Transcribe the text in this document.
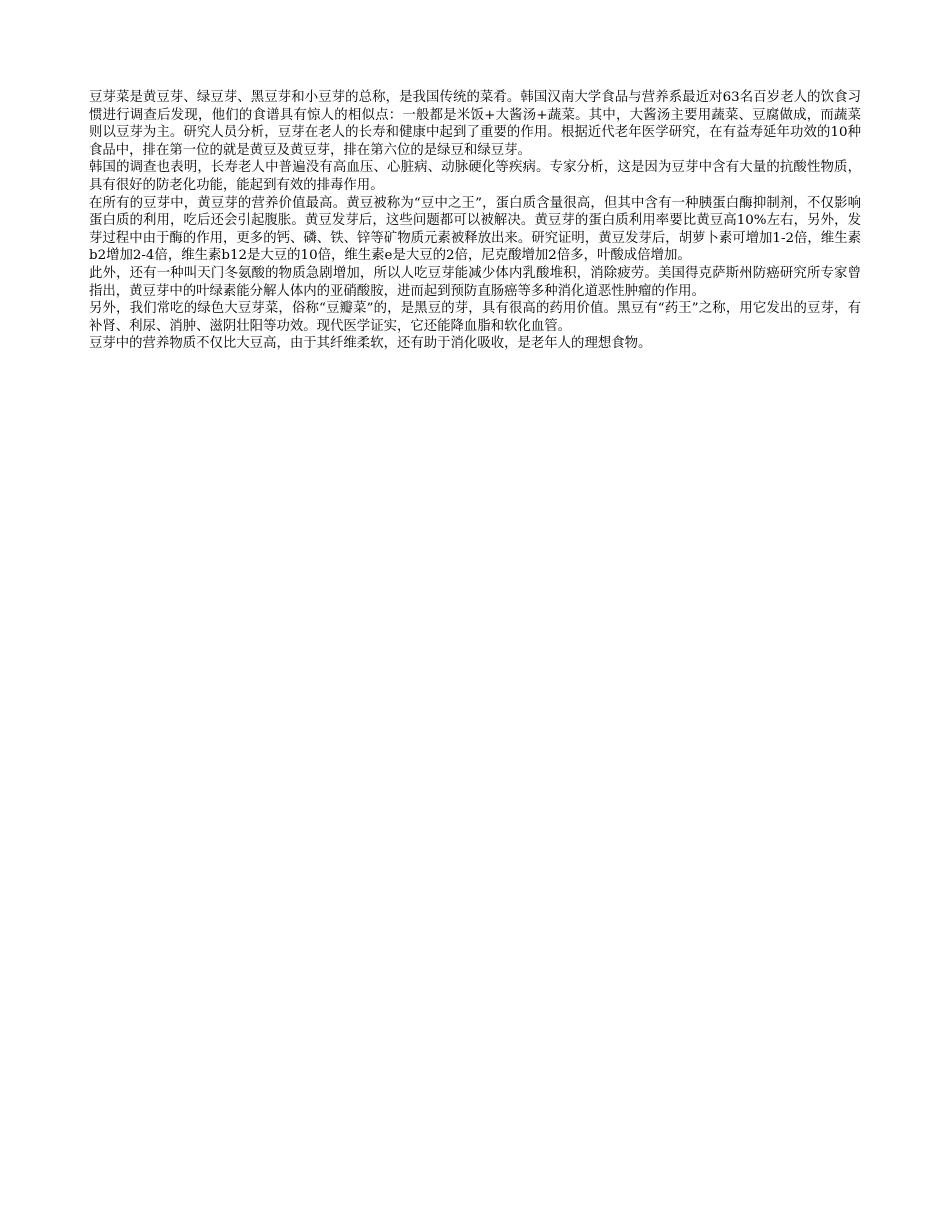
豆芽菜是黄豆芽、绿豆芽、黑豆芽和小豆芽的总称，是我国传统的菜肴。韩国汉南大学食品与营养系最近对63名百岁老人的饮食习惯进行调查后发现，他们的食谱具有惊人的相似点：一般都是米饭+大酱汤+蔬菜。其中，大酱汤主要用蔬菜、豆腐做成，而蔬菜则以豆芽为主。研究人员分析，豆芽在老人的长寿和健康中起到了重要的作用。根据近代老年医学研究，在有益寿延年功效的10种食品中，排在第一位的就是黄豆及黄豆芽，排在第六位的是绿豆和绿豆芽。

韩国的调查也表明，长寿老人中普遍没有高血压、心脏病、动脉硬化等疾病。专家分析，这是因为豆芽中含有大量的抗酸性物质，具有很好的防老化功能，能起到有效的排毒作用。

在所有的豆芽中，黄豆芽的营养价值最高。黄豆被称为“豆中之王”，蛋白质含量很高，但其中含有一种胰蛋白酶抑制剂，不仅影响蛋白质的利用，吃后还会引起腹胀。黄豆发芽后，这些问题都可以被解决。黄豆芽的蛋白质利用率要比黄豆高10%左右，另外，发芽过程中由于酶的作用，更多的钙、磷、铁、锌等矿物质元素被释放出来。研究证明，黄豆发芽后，胡萝卜素可增加1-2倍，维生素b2增加2-4倍，维生素b12是大豆的10倍，维生素e是大豆的2倍，尼克酸增加2倍多，叶酸成倍增加。

此外，还有一种叫天门冬氨酸的物质急剧增加，所以人吃豆芽能减少体内乳酸堆积，消除疲劳。美国得克萨斯州防癌研究所专家曾指出，黄豆芽中的叶绿素能分解人体内的亚硝酸胺，进而起到预防直肠癌等多种消化道恶性肿瘤的作用。

另外，我们常吃的绿色大豆芽菜，俗称“豆瓣菜”的，是黑豆的芽，具有很高的药用价值。黑豆有“药王”之称，用它发出的豆芽，有补肾、利尿、消肿、滋阴壮阳等功效。现代医学证实，它还能降血脂和软化血管。

豆芽中的营养物质不仅比大豆高，由于其纤维柔软，还有助于消化吸收，是老年人的理想食物。
